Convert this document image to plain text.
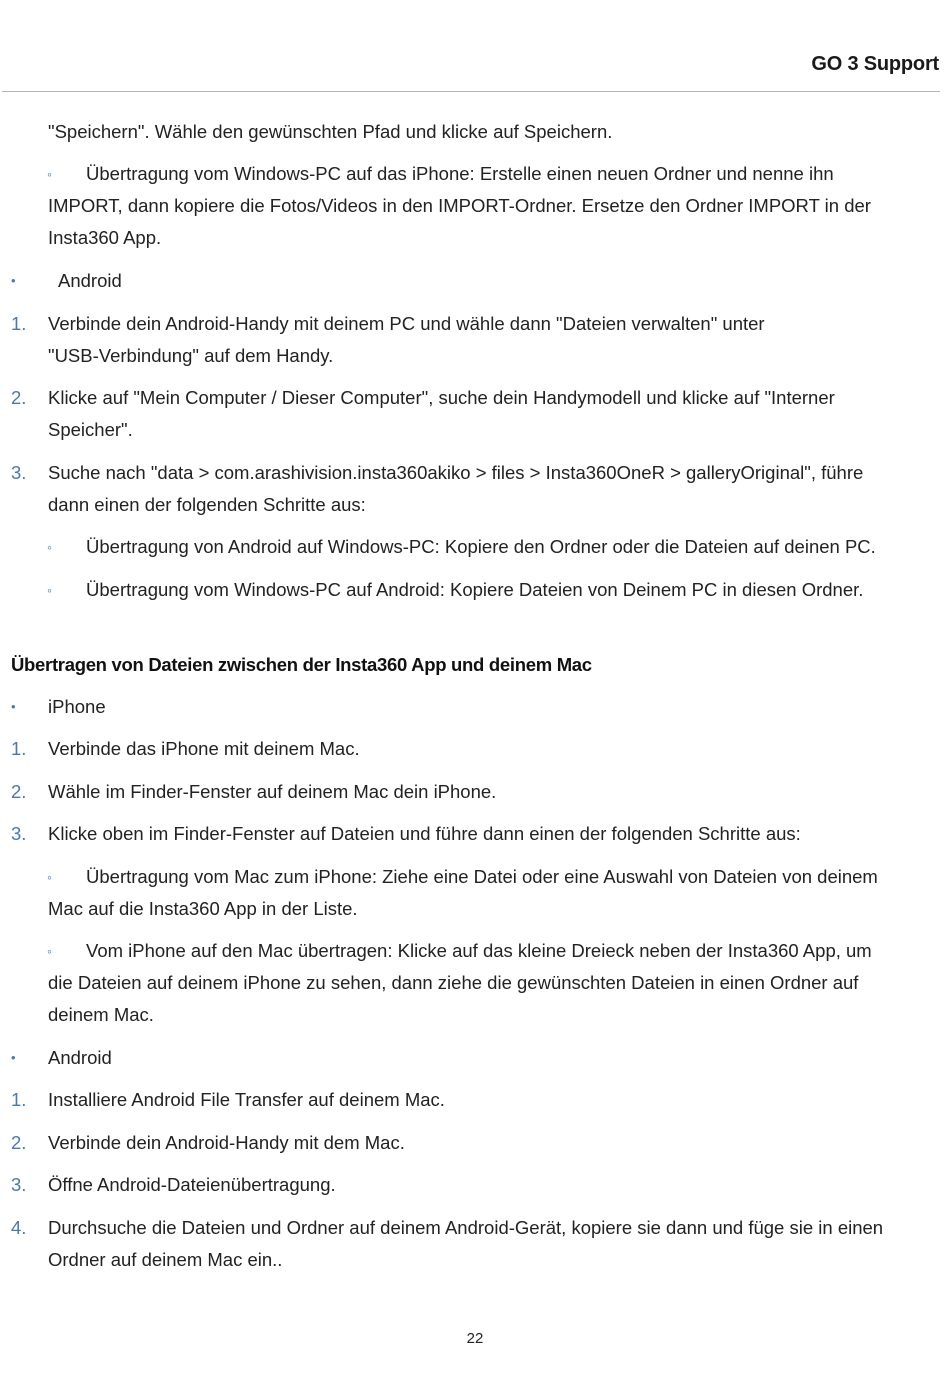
GO 3 Support
"Speichern". Wähle den gewünschten Pfad und klicke auf Speichern.
◦ Übertragung vom Windows-PC auf das iPhone: Erstelle einen neuen Ordner und nenne ihn
IMPORT, dann kopiere die Fotos/Videos in den IMPORT-Ordner. Ersetze den Ordner IMPORT in der
Insta360 App.
• Android
1. Verbinde dein Android-Handy mit deinem PC und wähle dann "Dateien verwalten" unter
"USB-Verbindung" auf dem Handy.
2. Klicke auf "Mein Computer / Dieser Computer", suche dein Handymodell und klicke auf "Interner
Speicher".
3. Suche nach "data > com.arashivision.insta360akiko > files > Insta360OneR > galleryOriginal", führe
dann einen der folgenden Schritte aus:
◦ Übertragung von Android auf Windows-PC: Kopiere den Ordner oder die Dateien auf deinen PC.
◦ Übertragung vom Windows-PC auf Android: Kopiere Dateien von Deinem PC in diesen Ordner.
Übertragen von Dateien zwischen der Insta360 App und deinem Mac
• iPhone
1. Verbinde das iPhone mit deinem Mac.
2. Wähle im Finder-Fenster auf deinem Mac dein iPhone.
3. Klicke oben im Finder-Fenster auf Dateien und führe dann einen der folgenden Schritte aus:
◦ Übertragung vom Mac zum iPhone: Ziehe eine Datei oder eine Auswahl von Dateien von deinem
Mac auf die Insta360 App in der Liste.
◦ Vom iPhone auf den Mac übertragen: Klicke auf das kleine Dreieck neben der Insta360 App, um
die Dateien auf deinem iPhone zu sehen, dann ziehe die gewünschten Dateien in einen Ordner auf
deinem Mac.
• Android
1. Installiere Android File Transfer auf deinem Mac.
2. Verbinde dein Android-Handy mit dem Mac.
3. Öffne Android-Dateienübertragung.
4. Durchsuche die Dateien und Ordner auf deinem Android-Gerät, kopiere sie dann und füge sie in einen
Ordner auf deinem Mac ein..
22
